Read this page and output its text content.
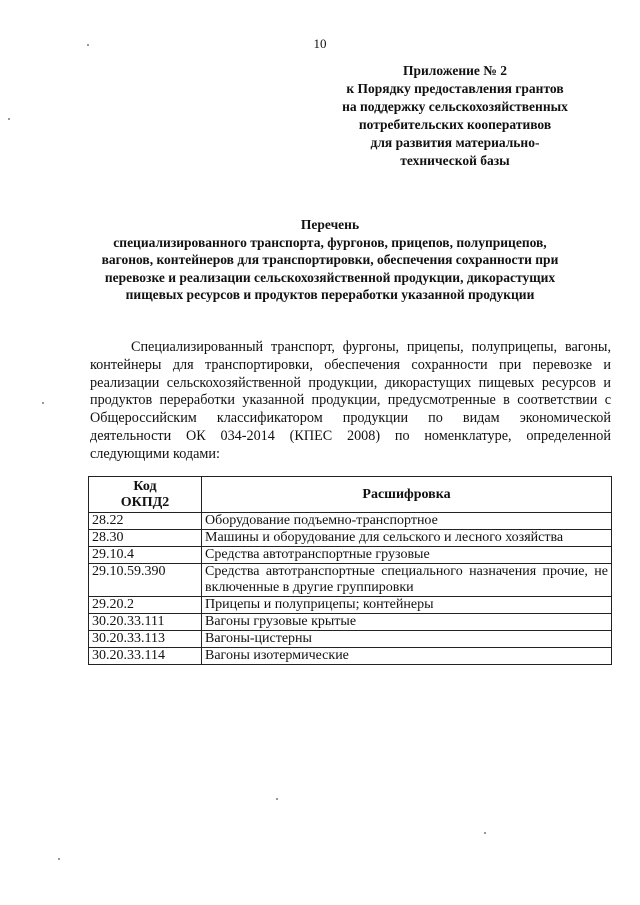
10
Приложение № 2
к Порядку предоставления грантов
на поддержку сельскохозяйственных
потребительских кооперативов
для развития материально-
технической базы
Перечень
специализированного транспорта, фургонов, прицепов, полуприцепов,
вагонов, контейнеров для транспортировки, обеспечения сохранности при
перевозке и реализации сельскохозяйственной продукции, дикорастущих
пищевых ресурсов и продуктов переработки указанной продукции

Специализированный транспорт, фургоны, прицепы, полуприцепы, вагоны, контейнеры для транспортировки, обеспечения сохранности при перевозке и реализации сельскохозяйственной продукции, дикорастущих пищевых ресурсов и продуктов переработки указанной продукции, предусмотренные в соответствии с Общероссийским классификатором продукции по видам экономической деятельности ОК 034-2014 (КПЕС 2008) по номенклатуре, определенной следующими кодами:

Код
ОКПД2	Расшифровка
28.22	Оборудование подъемно-транспортное
28.30	Машины и оборудование для сельского и лесного хозяйства
29.10.4	Средства автотранспортные грузовые
29.10.59.390	Средства автотранспортные специального назначения прочие, не включенные в другие группировки
29.20.2	Прицепы и полуприцепы; контейнеры
30.20.33.111	Вагоны грузовые крытые
30.20.33.113	Вагоны-цистерны
30.20.33.114	Вагоны изотермические
